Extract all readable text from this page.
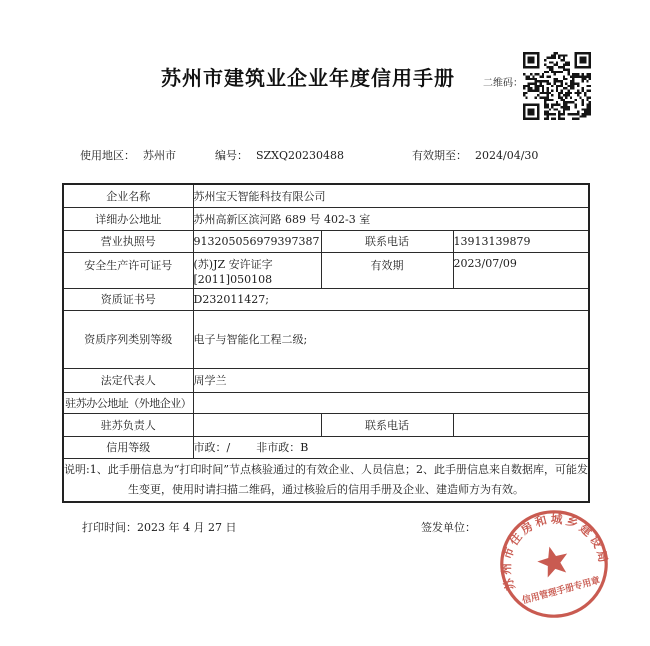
苏州市建筑业企业年度信用手册	二维码：
使用地区： 苏州市	编号： SZXQ20230488	有效期至： 2024/04/30
企业名称	苏州宝天智能科技有限公司		
详细办公地址	苏州高新区滨河路 689 号 402-3 室		
营业执照号	913205056979397387	联系电话	13913139879
安全生产许可证号	(苏)JZ 安许证字
[2011]050108	有效期	2023/07/09
资质证书号	D232011427;		
资质序列类别等级	电子与智能化工程二级;		
法定代表人	周学兰		
驻苏办公地址（外地企业）			
驻苏负责人		联系电话	
信用等级	市政：/ 非市政：B		
说明:1、此手册信息为“打印时间”节点核验通过的有效企业、人员信息；2、此手册信息来自数据库，可能发生变更，使用时请扫描二维码，通过核验后的信用手册及企业、建造师方为有效。			
打印时间：2023 年 4 月 27 日	签发单位：
苏州市住房和城乡建设局
信用管理手册专用章
